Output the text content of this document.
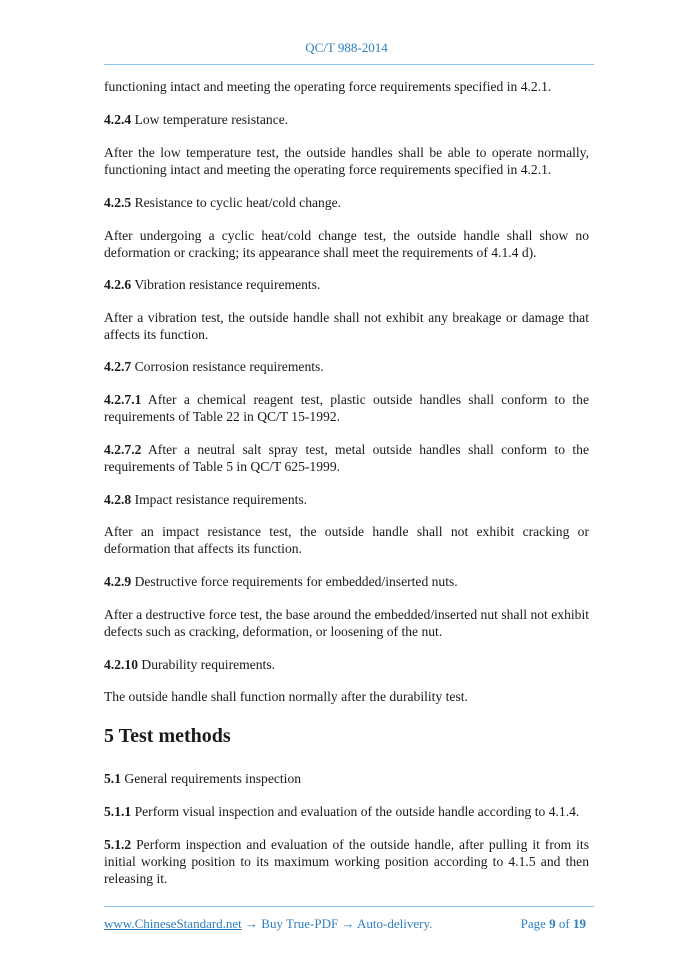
QC/T 988-2014

functioning intact and meeting the operating force requirements specified in 4.2.1.

4.2.4 Low temperature resistance.

After the low temperature test, the outside handles shall be able to operate normally, functioning intact and meeting the operating force requirements specified in 4.2.1.

4.2.5 Resistance to cyclic heat/cold change.

After undergoing a cyclic heat/cold change test, the outside handle shall show no deformation or cracking; its appearance shall meet the requirements of 4.1.4 d).

4.2.6 Vibration resistance requirements.

After a vibration test, the outside handle shall not exhibit any breakage or damage that affects its function.

4.2.7 Corrosion resistance requirements.

4.2.7.1 After a chemical reagent test, plastic outside handles shall conform to the requirements of Table 22 in QC/T 15-1992.

4.2.7.2 After a neutral salt spray test, metal outside handles shall conform to the requirements of Table 5 in QC/T 625-1999.

4.2.8 Impact resistance requirements.

After an impact resistance test, the outside handle shall not exhibit cracking or deformation that affects its function.

4.2.9 Destructive force requirements for embedded/inserted nuts.

After a destructive force test, the base around the embedded/inserted nut shall not exhibit defects such as cracking, deformation, or loosening of the nut.

4.2.10 Durability requirements.

The outside handle shall function normally after the durability test.

5 Test methods

5.1 General requirements inspection

5.1.1 Perform visual inspection and evaluation of the outside handle according to 4.1.4.

5.1.2 Perform inspection and evaluation of the outside handle, after pulling it from its initial working position to its maximum working position according to 4.1.5 and then releasing it.

www.ChineseStandard.net → Buy True-PDF → Auto-delivery.	Page 9 of 19
